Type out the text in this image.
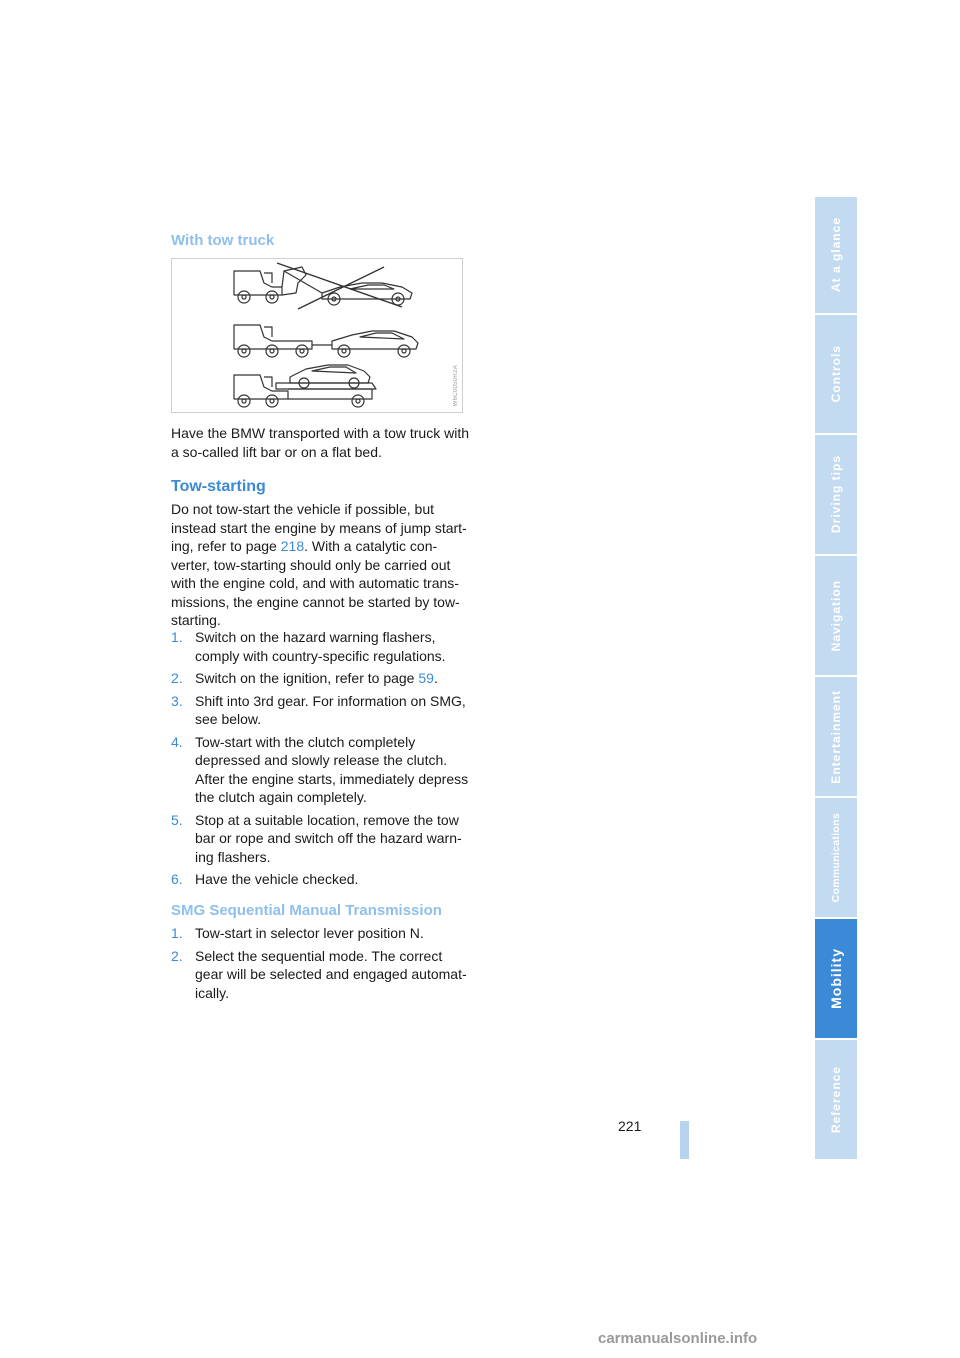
With tow truck
W6C0050R2A

Have the BMW transported with a tow truck with a so-called lift bar or on a flat bed.

Tow-starting

Do not tow-start the vehicle if possible, but instead start the engine by means of jump start-ing, refer to page 218. With a catalytic con-verter, tow-starting should only be carried out with the engine cold, and with automatic trans-missions, the engine cannot be started by tow-starting.

1. Switch on the hazard warning flashers, comply with country-specific regulations.
2. Switch on the ignition, refer to page 59.
3. Shift into 3rd gear. For information on SMG, see below.
4. Tow-start with the clutch completely depressed and slowly release the clutch. After the engine starts, immediately depress the clutch again completely.
5. Stop at a suitable location, remove the tow bar or rope and switch off the hazard warn-ing flashers.
6. Have the vehicle checked.
SMG Sequential Manual Transmission
1. Tow-start in selector lever position N.
2. Select the sequential mode. The correct gear will be selected and engaged automat-ically.
221
At a glance
Controls
Driving tips
Navigation
Entertainment
Communications
Mobility
Reference
carmanualsonline.info
